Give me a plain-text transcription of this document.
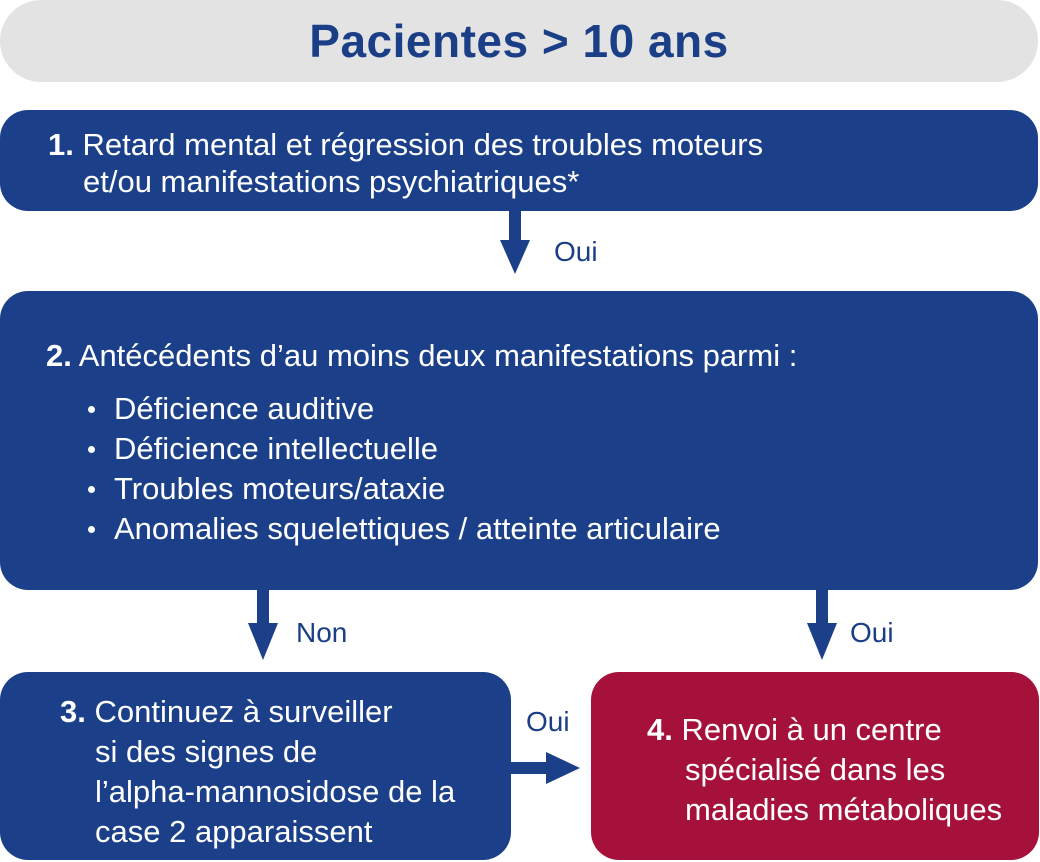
Pacientes > 10 ans
1. Retard mental et régression des troubles moteurs
et/ou manifestations psychiatriques*
2. Antécédents d’au moins deux manifestations parmi :
Déficience auditive
Déficience intellectuelle
Troubles moteurs/ataxie
Anomalies squelettiques / atteinte articulaire
3. Continuez à surveiller
si des signes de
l’alpha-mannosidose de la
case 2 apparaissent
4. Renvoi à un centre
spécialisé dans les
maladies métaboliques
Oui
Non	Oui
Oui
